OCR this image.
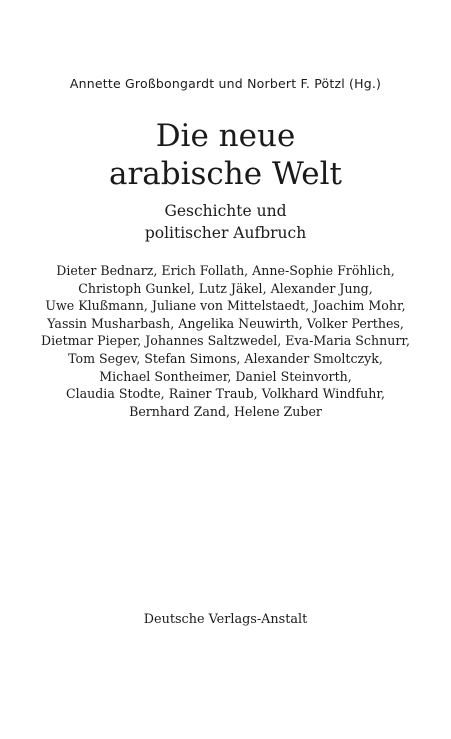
Annette Großbongardt und Norbert F. Pötzl (Hg.)
Die neue
arabische Welt
Geschichte und
politischer Aufbruch
Dieter Bednarz, Erich Follath, Anne-Sophie Fröhlich,
Christoph Gunkel, Lutz Jäkel, Alexander Jung,
Uwe Klußmann, Juliane von Mittelstaedt, Joachim Mohr,
Yassin Musharbash, Angelika Neuwirth, Volker Perthes,
Dietmar Pieper, Johannes Saltzwedel, Eva-Maria Schnurr,
Tom Segev, Stefan Simons, Alexander Smoltczyk,
Michael Sontheimer, Daniel Steinvorth,
Claudia Stodte, Rainer Traub, Volkhard Windfuhr,
Bernhard Zand, Helene Zuber
Deutsche Verlags-Anstalt
